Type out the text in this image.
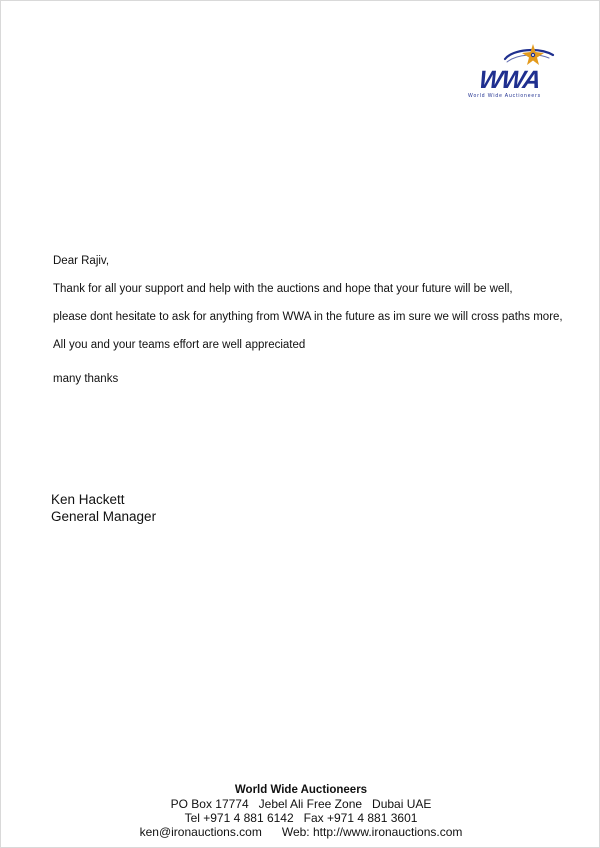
WWA
World Wide Auctioneers

Dear Rajiv,

Thank for all your support and help with the auctions and hope that your future will be well,

please dont hesitate to ask for anything from WWA in the future as im sure we will cross paths more,

All you and your teams effort are well appreciated

many thanks

Ken Hackett
General Manager
World Wide Auctioneers
PO Box 17774   Jebel Ali Free Zone   Dubai UAE
Tel +971 4 881 6142   Fax +971 4 881 3601
ken@ironauctions.com      Web: http://www.ironauctions.com
